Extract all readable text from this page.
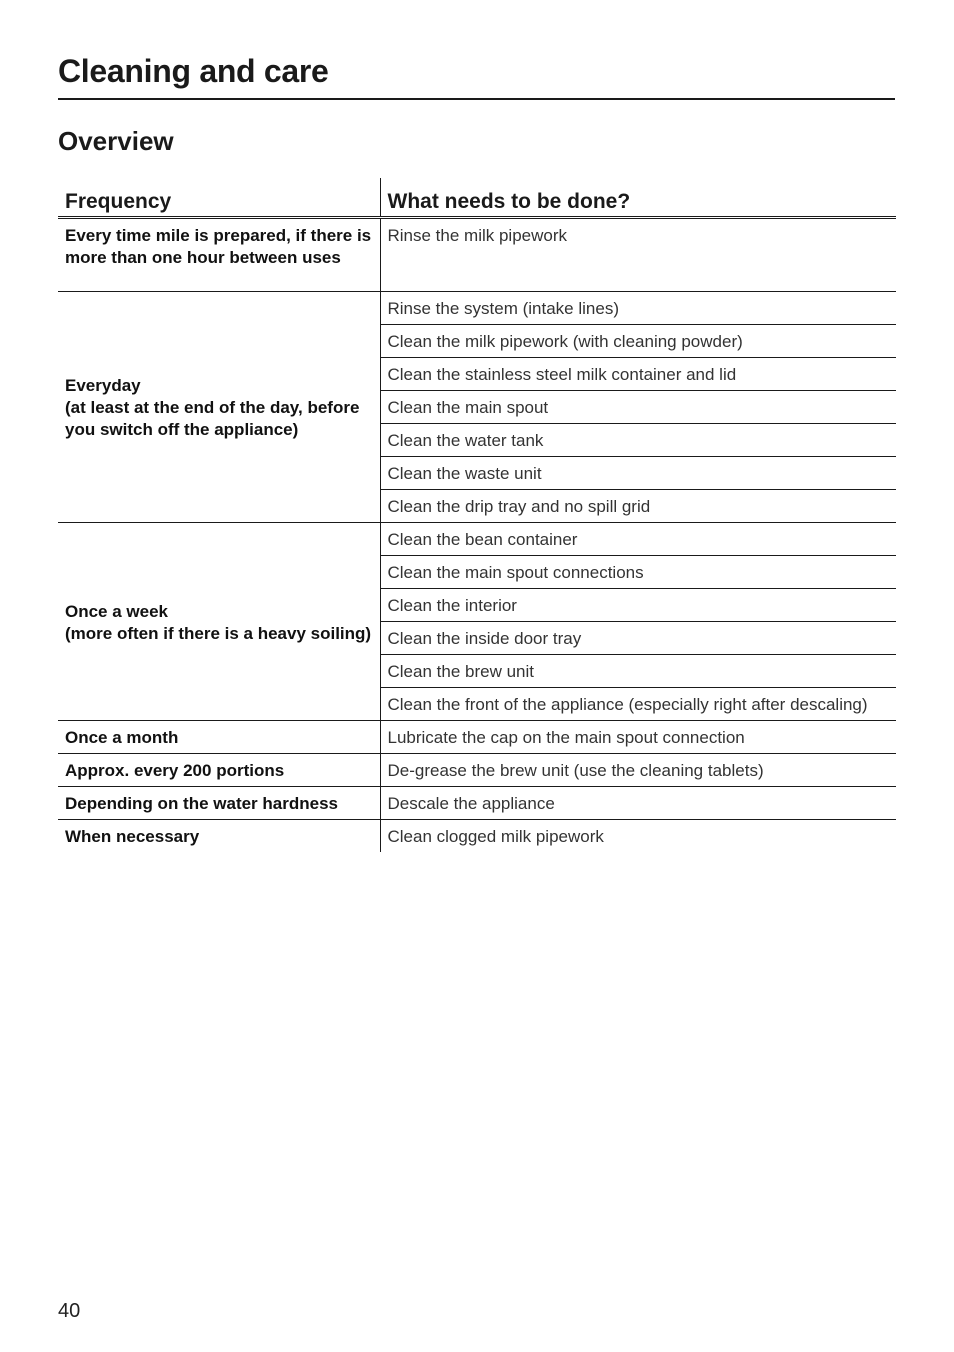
Cleaning and care
Overview
Frequency	What needs to be done?
Every time mile is prepared, if there is more than one hour between uses	Rinse the milk pipework
Everyday
(at least at the end of the day, before you switch off the appliance)	Rinse the system (intake lines)
	Clean the milk pipework (with cleaning powder)
	Clean the stainless steel milk container and lid
	Clean the main spout
	Clean the water tank
	Clean the waste unit
	Clean the drip tray and no spill grid
Once a week
(more often if there is a heavy soiling)	Clean the bean container
	Clean the main spout connections
	Clean the interior
	Clean the inside door tray
	Clean the brew unit
	Clean the front of the appliance (especially right after descaling)
Once a month	Lubricate the cap on the main spout connection
Approx. every 200 portions	De-grease the brew unit (use the cleaning tablets)
Depending on the water hardness	Descale the appliance
When necessary	Clean clogged milk pipework
40
